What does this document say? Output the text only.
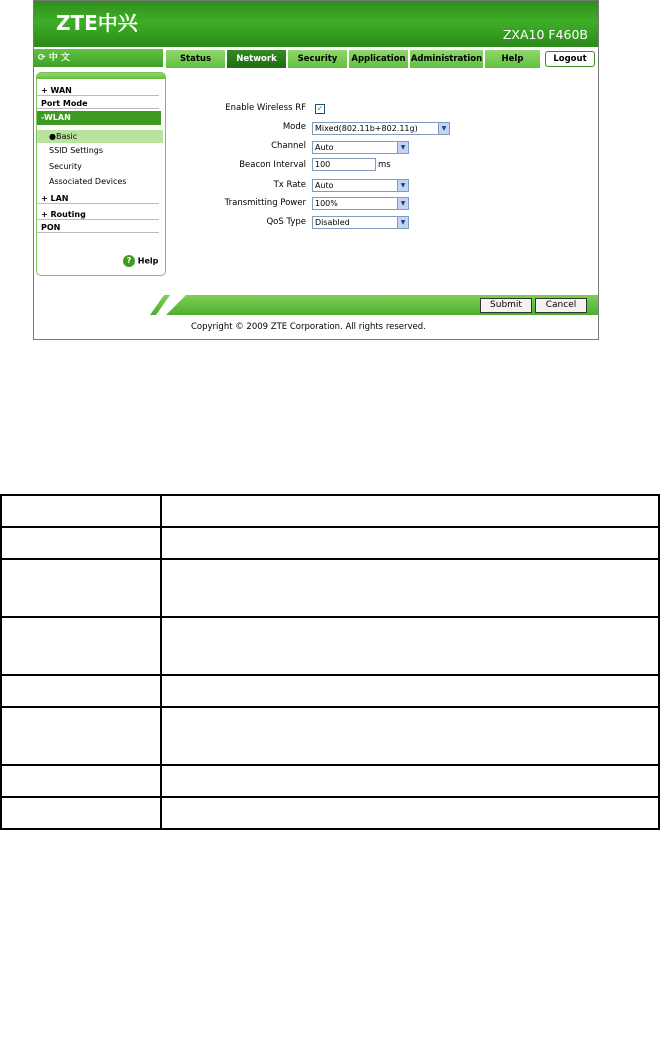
ZTE中兴	ZXA10 F460B
⟳ 中 文	Status	Network	Security	Application Administration	Help	Logout
+ WAN
Port Mode
-WLAN
●Basic
SSID Settings
Security
Associated Devices
+ LAN
+ Routing
PON
? Help
Enable Wireless RF ✓
Mode	Mixed(802.11b+802.11g)	▼
Channel	Auto	▼
Beacon Interval	100	ms
Tx Rate	Auto	▼
Transmitting Power	100%	▼
QoS Type	Disabled	▼
Submit	Cancel
Copyright © 2009 ZTE Corporation. All rights reserved.
